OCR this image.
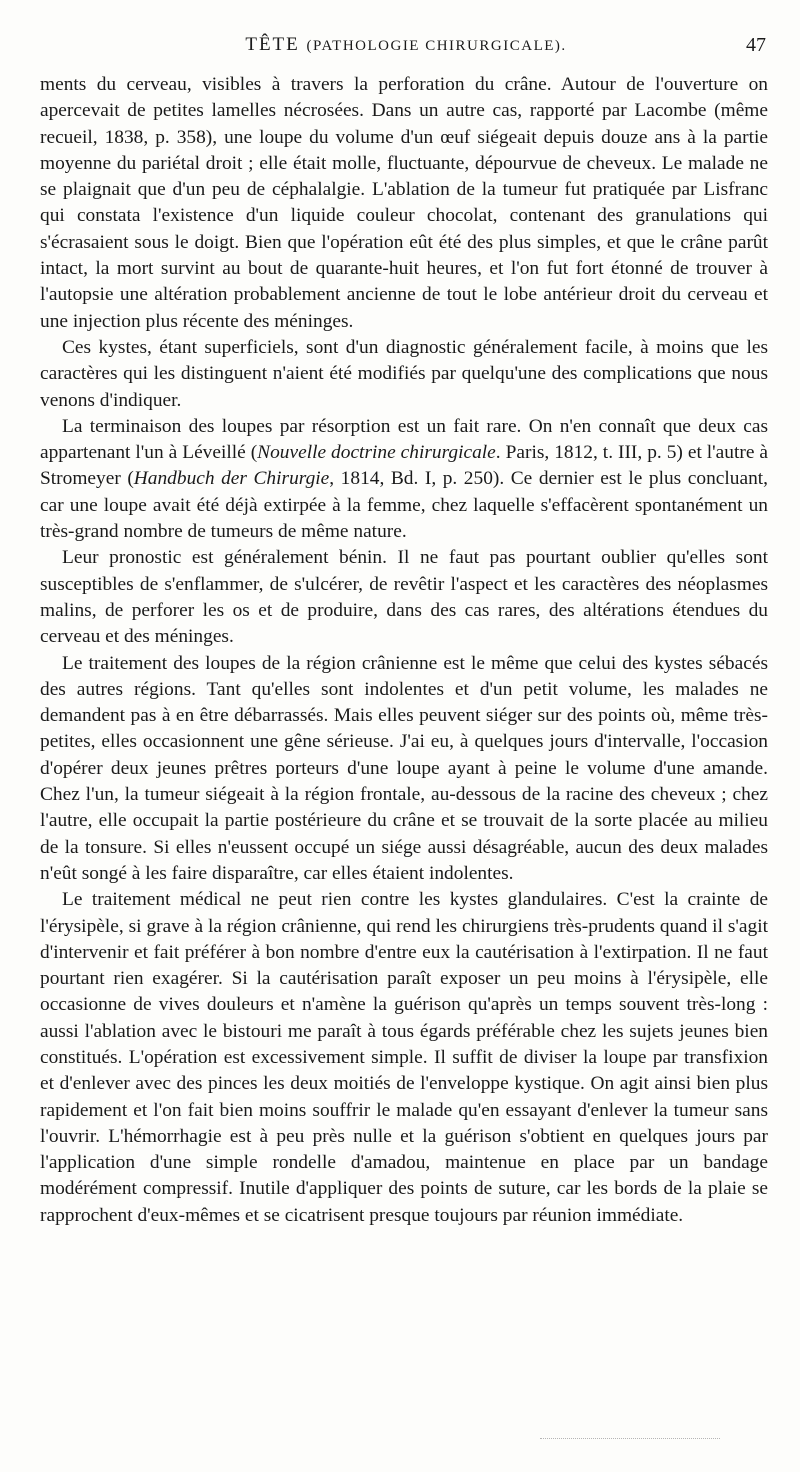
TÊTE (PATHOLOGIE CHIRURGICALE).	47

ments du cerveau, visibles à travers la perforation du crâne. Autour de l'ouverture on apercevait de petites lamelles nécrosées. Dans un autre cas, rapporté par Lacombe (même recueil, 1838, p. 358), une loupe du volume d'un œuf siégeait depuis douze ans à la partie moyenne du pariétal droit ; elle était molle, fluctuante, dépourvue de cheveux. Le malade ne se plaignait que d'un peu de céphalalgie. L'ablation de la tumeur fut pratiquée par Lisfranc qui constata l'existence d'un liquide couleur chocolat, contenant des granulations qui s'écrasaient sous le doigt. Bien que l'opération eût été des plus simples, et que le crâne parût intact, la mort survint au bout de quarante-huit heures, et l'on fut fort étonné de trouver à l'autopsie une altération probablement ancienne de tout le lobe antérieur droit du cerveau et une injection plus récente des méninges.

Ces kystes, étant superficiels, sont d'un diagnostic généralement facile, à moins que les caractères qui les distinguent n'aient été modifiés par quelqu'une des complications que nous venons d'indiquer.

La terminaison des loupes par résorption est un fait rare. On n'en connaît que deux cas appartenant l'un à Léveillé (Nouvelle doctrine chirurgicale. Paris, 1812, t. III, p. 5) et l'autre à Stromeyer (Handbuch der Chirurgie, 1814, Bd. I, p. 250). Ce dernier est le plus concluant, car une loupe avait été déjà extirpée à la femme, chez laquelle s'effacèrent spontanément un très-grand nombre de tumeurs de même nature.

Leur pronostic est généralement bénin. Il ne faut pas pourtant oublier qu'elles sont susceptibles de s'enflammer, de s'ulcérer, de revêtir l'aspect et les caractères des néoplasmes malins, de perforer les os et de produire, dans des cas rares, des altérations étendues du cerveau et des méninges.

Le traitement des loupes de la région crânienne est le même que celui des kystes sébacés des autres régions. Tant qu'elles sont indolentes et d'un petit volume, les malades ne demandent pas à en être débarrassés. Mais elles peuvent siéger sur des points où, même très-petites, elles occasionnent une gêne sérieuse. J'ai eu, à quelques jours d'intervalle, l'occasion d'opérer deux jeunes prêtres porteurs d'une loupe ayant à peine le volume d'une amande. Chez l'un, la tumeur siégeait à la région frontale, au-dessous de la racine des cheveux ; chez l'autre, elle occupait la partie postérieure du crâne et se trouvait de la sorte placée au milieu de la tonsure. Si elles n'eussent occupé un siége aussi désagréable, aucun des deux malades n'eût songé à les faire disparaître, car elles étaient indolentes.

Le traitement médical ne peut rien contre les kystes glandulaires. C'est la crainte de l'érysipèle, si grave à la région crânienne, qui rend les chirurgiens très-prudents quand il s'agit d'intervenir et fait préférer à bon nombre d'entre eux la cautérisation à l'extirpation. Il ne faut pourtant rien exagérer. Si la cautérisation paraît exposer un peu moins à l'érysipèle, elle occasionne de vives douleurs et n'amène la guérison qu'après un temps souvent très-long : aussi l'ablation avec le bistouri me paraît à tous égards préférable chez les sujets jeunes bien constitués. L'opération est excessivement simple. Il suffit de diviser la loupe par transfixion et d'enlever avec des pinces les deux moitiés de l'enveloppe kystique. On agit ainsi bien plus rapidement et l'on fait bien moins souffrir le malade qu'en essayant d'enlever la tumeur sans l'ouvrir. L'hémorrhagie est à peu près nulle et la guérison s'obtient en quelques jours par l'application d'une simple rondelle d'amadou, maintenue en place par un bandage modérément compressif. Inutile d'appliquer des points de suture, car les bords de la plaie se rapprochent d'eux-mêmes et se cicatrisent presque toujours par réunion immédiate.
